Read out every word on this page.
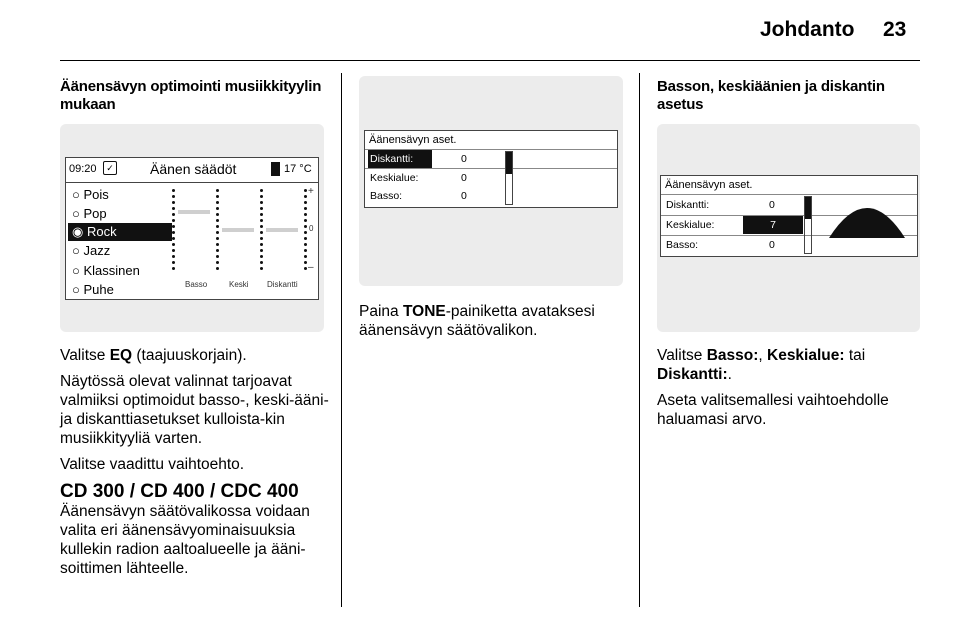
Johdanto 23
Äänensävyn optimointi musiikkityylin mukaan
09:20	✓	Äänen säädöt	17 °C
○ Pois
○ Pop
◉ Rock
○ Jazz
○ Klassinen
○ Puhe
+
0
–
Basso	Keski Diskantti

Valitse EQ (taajuuskorjain).

Näytössä olevat valinnat tarjoavat valmiiksi optimoidut basso-, keski-ääni- ja diskanttiasetukset kulloista-kin musiikkityyliä varten.

Valitse vaadittu vaihtoehto.

CD 300 / CD 400 / CDC 400

Äänensävyn säätövalikossa voidaan valita eri äänensävyominaisuuksia kullekin radion aaltoalueelle ja ääni-soittimen lähteelle.

Äänensävyn aset.
Diskantti:	0
Keskialue:	0
Basso:	0

Paina TONE-painiketta avataksesi äänensävyn säätövalikon.

Basson, keskiäänien ja diskantin asetus
Äänensävyn aset.
Diskantti:	0
Keskialue:	7
Basso:	0

Valitse Basso:, Keskialue: tai
Diskantti:.

Aseta valitsemallesi vaihtoehdolle haluamasi arvo.
